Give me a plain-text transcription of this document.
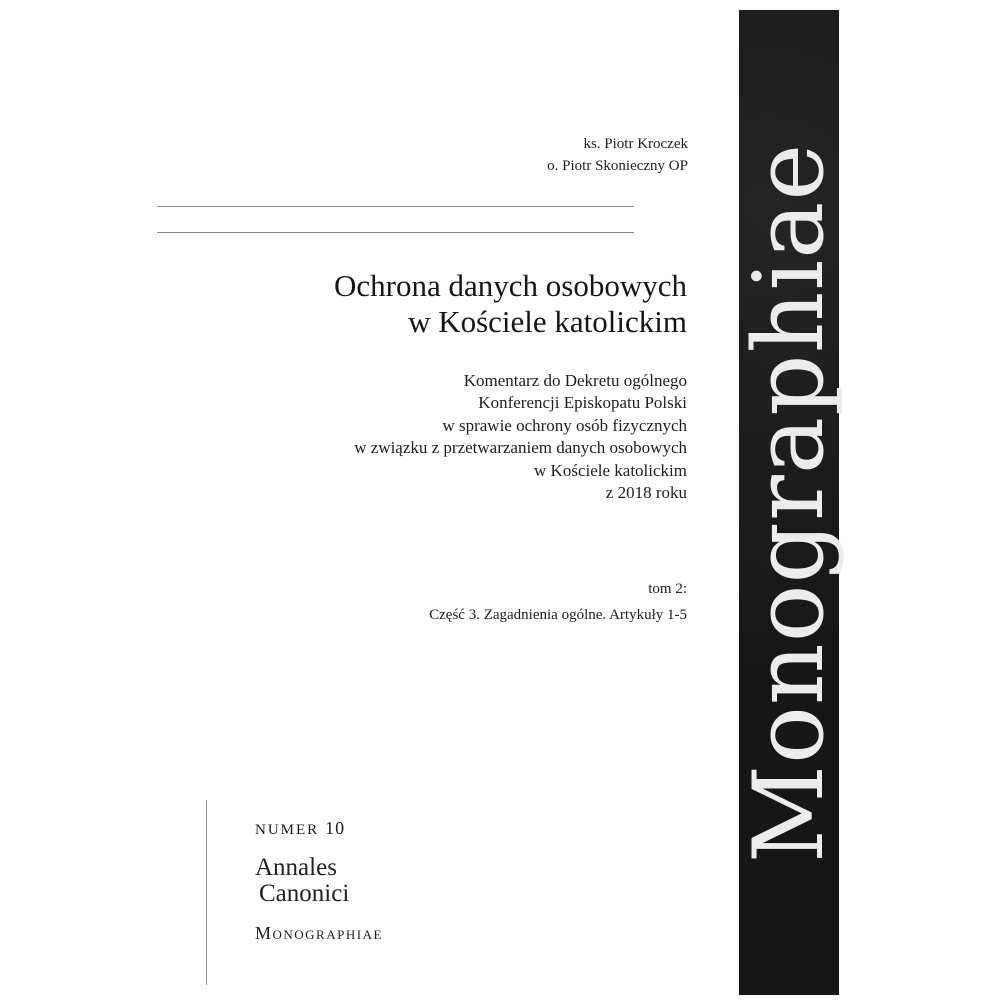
ks. Piotr Kroczek
o. Piotr Skonieczny OP
Ochrona danych osobowych
w Kościele katolickim
Komentarz do Dekretu ogólnego
Konferencji Episkopatu Polski
w sprawie ochrony osób fizycznych
w związku z przetwarzaniem danych osobowych
w Kościele katolickim
z 2018 roku
tom 2:
Część 3. Zagadnienia ogólne. Artykuły 1-5
NUMER 10
Annales
Canonici
Monographiae
Monographiae
